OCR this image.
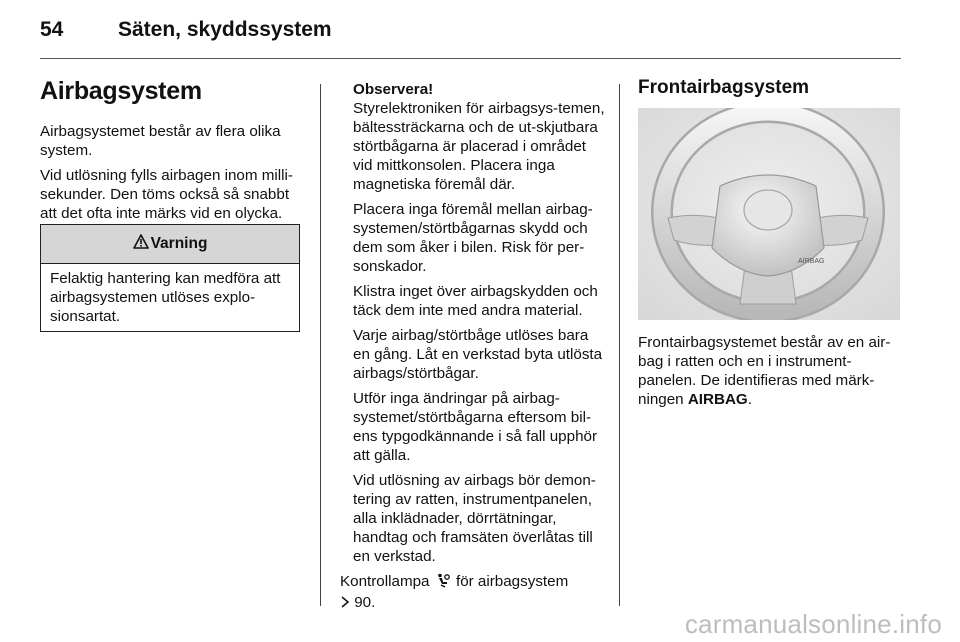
54	Säten, skyddssystem
Airbagsystem

Airbagsystemet består av flera olika system.

Vid utlösning fylls airbagen inom milli-sekunder. Den töms också så snabbt att det ofta inte märks vid en olycka.

Varning
Felaktig hantering kan medföra att airbagsystemen utlöses explo-sionsartat.
Observera!

Styrelektroniken för airbagsys-temen, bältessträckarna och de ut-skjutbara störtbågarna är placerad i området vid mittkonsolen. Placera inga magnetiska föremål där.

Placera inga föremål mellan airbag-systemen/störtbågarnas skydd och dem som åker i bilen. Risk för per-sonskador.

Klistra inget över airbagskydden och täck dem inte med andra material.

Varje airbag/störtbåge utlöses bara en gång. Låt en verkstad byta utlösta airbags/störtbågar.

Utför inga ändringar på airbag-systemet/störtbågarna eftersom bil-ens typgodkännande i så fall upphör att gälla.

Vid utlösning av airbags bör demon-tering av ratten, instrumentpanelen, alla inklädnader, dörrtätningar, handtag och framsäten överlåtas till en verkstad.

Kontrollampa för airbagsystem
90.
Frontairbagsystem
AIRBAG
Frontairbagsystemet består av en air-bag i ratten och en i instrument-panelen. De identifieras med märk-ningen AIRBAG.
carmanualsonline.info
